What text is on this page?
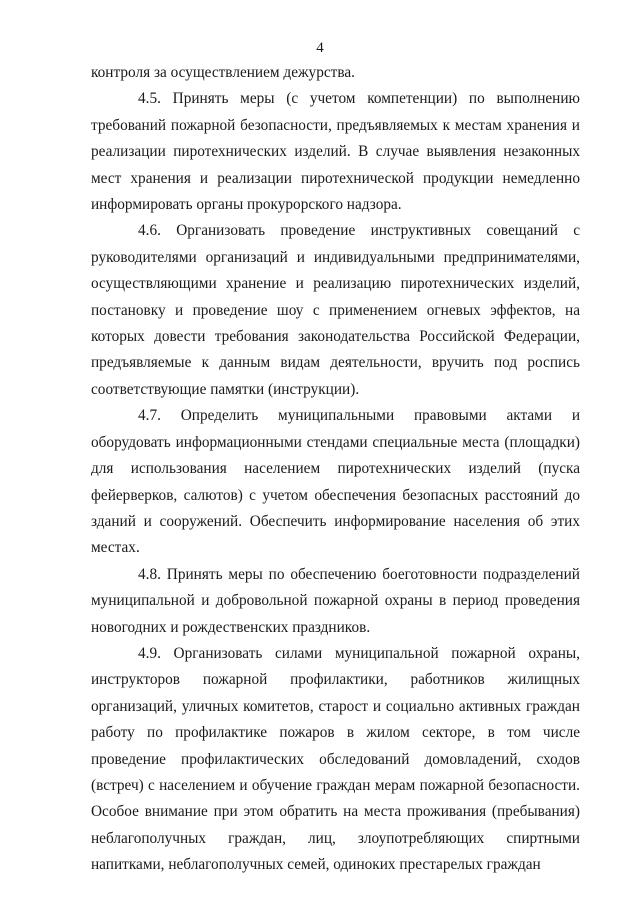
4

контроля за осуществлением дежурства.

4.5. Принять меры (с учетом компетенции) по выполнению требований пожарной безопасности, предъявляемых к местам хранения и реализации пиротехнических изделий. В случае выявления незаконных мест хранения и реализации пиротехнической продукции немедленно информировать органы прокурорского надзора.

4.6. Организовать проведение инструктивных совещаний с руководителями организаций и индивидуальными предпринимателями, осуществляющими хранение и реализацию пиротехнических изделий, постановку и проведение шоу с применением огневых эффектов, на которых довести требования законодательства Российской Федерации, предъявляемые к данным видам деятельности, вручить под роспись соответствующие памятки (инструкции).

4.7. Определить муниципальными правовыми актами и оборудовать информационными стендами специальные места (площадки) для использования населением пиротехнических изделий (пуска фейерверков, салютов) с учетом обеспечения безопасных расстояний до зданий и сооружений. Обеспечить информирование населения об этих местах.

4.8. Принять меры по обеспечению боеготовности подразделений муниципальной и добровольной пожарной охраны в период проведения новогодних и рождественских праздников.

4.9. Организовать силами муниципальной пожарной охраны, инструкторов пожарной профилактики, работников жилищных организаций, уличных комитетов, старост и социально активных граждан работу по профилактике пожаров в жилом секторе, в том числе проведение профилактических обследований домовладений, сходов (встреч) с населением и обучение граждан мерам пожарной безопасности. Особое внимание при этом обратить на места проживания (пребывания) неблагополучных граждан, лиц, злоупотребляющих спиртными напитками, неблагополучных семей, одиноких престарелых граждан
